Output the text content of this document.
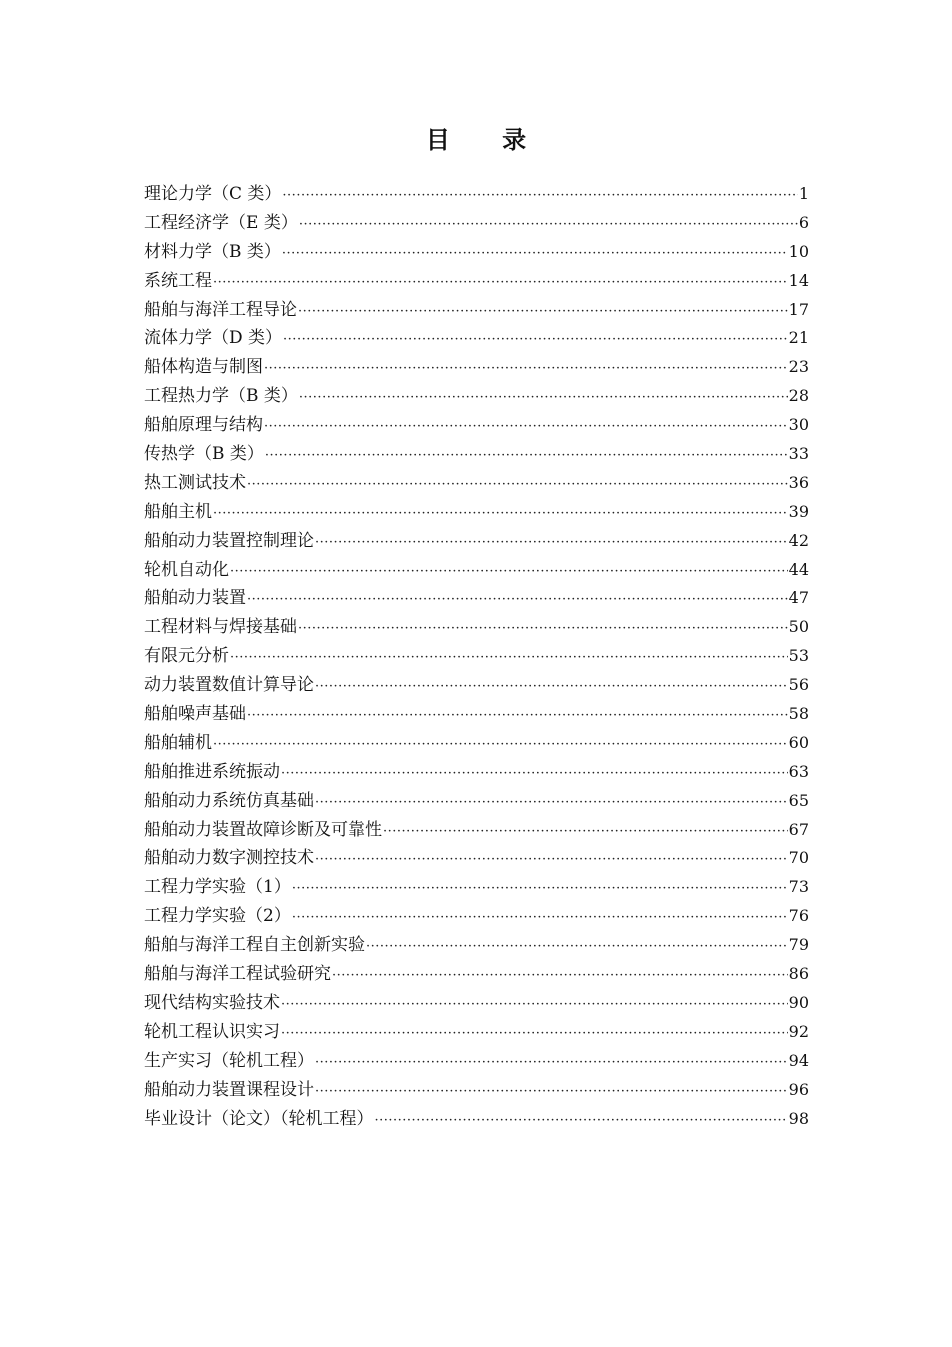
目 录
理论力学（C 类） ·····	1
工程经济学（E 类） ·····	6
材料力学（B 类） ·····	10
系统工程 ·····	14
船舶与海洋工程导论 ·····	17
流体力学（D 类） ·····	21
船体构造与制图 ·····	23
工程热力学（B 类） ·····	28
船舶原理与结构 ·····	30
传热学（B 类） ·····	33
热工测试技术 ·····	36
船舶主机 ·····	39
船舶动力装置控制理论 ·····	42
轮机自动化 ·····	44
船舶动力装置 ·····	47
工程材料与焊接基础 ·····	50
有限元分析 ·····	53
动力装置数值计算导论 ·····	56
船舶噪声基础 ·····	58
船舶辅机 ·····	60
船舶推进系统振动 ·····	63
船舶动力系统仿真基础 ·····	65
船舶动力装置故障诊断及可靠性 ·····	67
船舶动力数字测控技术 ·····	70
工程力学实验（1） ·····	73
工程力学实验（2） ·····	76
船舶与海洋工程自主创新实验 ·····	79
船舶与海洋工程试验研究 ·····	86
现代结构实验技术 ·····	90
轮机工程认识实习 ·····	92
生产实习（轮机工程） ·····	94
船舶动力装置课程设计 ·····	96
毕业设计（论文）（轮机工程） ·····	98
